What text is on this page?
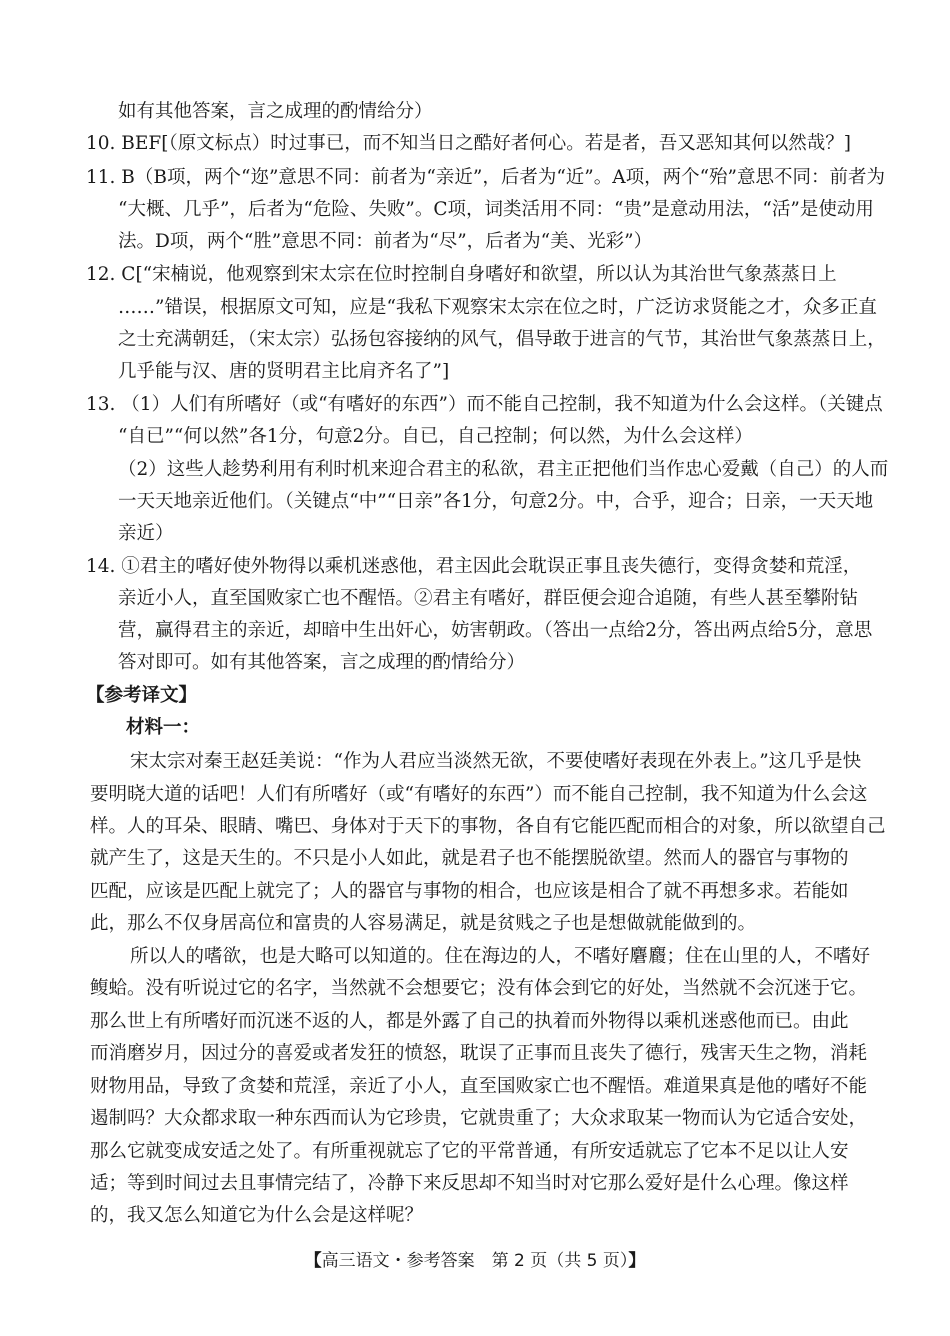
如有其他答案，言之成理的酌情给分）
10. BEF[（原文标点）时过事已，而不知当日之酷好者何心。若是者，吾又恶知其何以然哉？]
11. B（B项，两个“迩”意思不同：前者为“亲近”，后者为“近”。A项，两个“殆”意思不同：前者为
“大概、几乎”，后者为“危险、失败”。C项，词类活用不同：“贵”是意动用法，“活”是使动用
法。D项，两个“胜”意思不同：前者为“尽”，后者为“美、光彩”）
12. C[“宋楠说，他观察到宋太宗在位时控制自身嗜好和欲望，所以认为其治世气象蒸蒸日上
……”错误，根据原文可知，应是“我私下观察宋太宗在位之时，广泛访求贤能之才，众多正直
之士充满朝廷，（宋太宗）弘扬包容接纳的风气，倡导敢于进言的气节，其治世气象蒸蒸日上，
几乎能与汉、唐的贤明君主比肩齐名了”]
13. （1）人们有所嗜好（或“有嗜好的东西”）而不能自己控制，我不知道为什么会这样。（关键点
“自已”“何以然”各1分，句意2分。自已，自己控制；何以然，为什么会这样）
（2）这些人趁势利用有利时机来迎合君主的私欲，君主正把他们当作忠心爱戴（自己）的人而
一天天地亲近他们。（关键点“中”“日亲”各1分，句意2分。中，合乎，迎合；日亲，一天天地
亲近）
14. ①君主的嗜好使外物得以乘机迷惑他，君主因此会耽误正事且丧失德行，变得贪婪和荒淫，
亲近小人，直至国败家亡也不醒悟。②君主有嗜好，群臣便会迎合追随，有些人甚至攀附钻
营，赢得君主的亲近，却暗中生出奸心，妨害朝政。（答出一点给2分，答出两点给5分，意思
答对即可。如有其他答案，言之成理的酌情给分）
【参考译文】
材料一：
宋太宗对秦王赵廷美说：“作为人君应当淡然无欲，不要使嗜好表现在外表上。”这几乎是快
要明晓大道的话吧！人们有所嗜好（或“有嗜好的东西”）而不能自己控制，我不知道为什么会这
样。人的耳朵、眼睛、嘴巴、身体对于天下的事物，各自有它能匹配而相合的对象，所以欲望自己
就产生了，这是天生的。不只是小人如此，就是君子也不能摆脱欲望。然而人的器官与事物的
匹配，应该是匹配上就完了；人的器官与事物的相合，也应该是相合了就不再想多求。若能如
此，那么不仅身居高位和富贵的人容易满足，就是贫贱之子也是想做就能做到的。
所以人的嗜欲，也是大略可以知道的。住在海边的人，不嗜好麏麚；住在山里的人，不嗜好
鳆蛤。没有听说过它的名字，当然就不会想要它；没有体会到它的好处，当然就不会沉迷于它。
那么世上有所嗜好而沉迷不返的人，都是外露了自己的执着而外物得以乘机迷惑他而已。由此
而消磨岁月，因过分的喜爱或者发狂的愤怒，耽误了正事而且丧失了德行，残害天生之物，消耗
财物用品，导致了贪婪和荒淫，亲近了小人，直至国败家亡也不醒悟。难道果真是他的嗜好不能
遏制吗？大众都求取一种东西而认为它珍贵，它就贵重了；大众求取某一物而认为它适合安处，
那么它就变成安适之处了。有所重视就忘了它的平常普通，有所安适就忘了它本不足以让人安
适；等到时间过去且事情完结了，冷静下来反思却不知当时对它那么爱好是什么心理。像这样
的，我又怎么知道它为什么会是这样呢？
【高三语文・参考答案　第 2 页（共 5 页）】
